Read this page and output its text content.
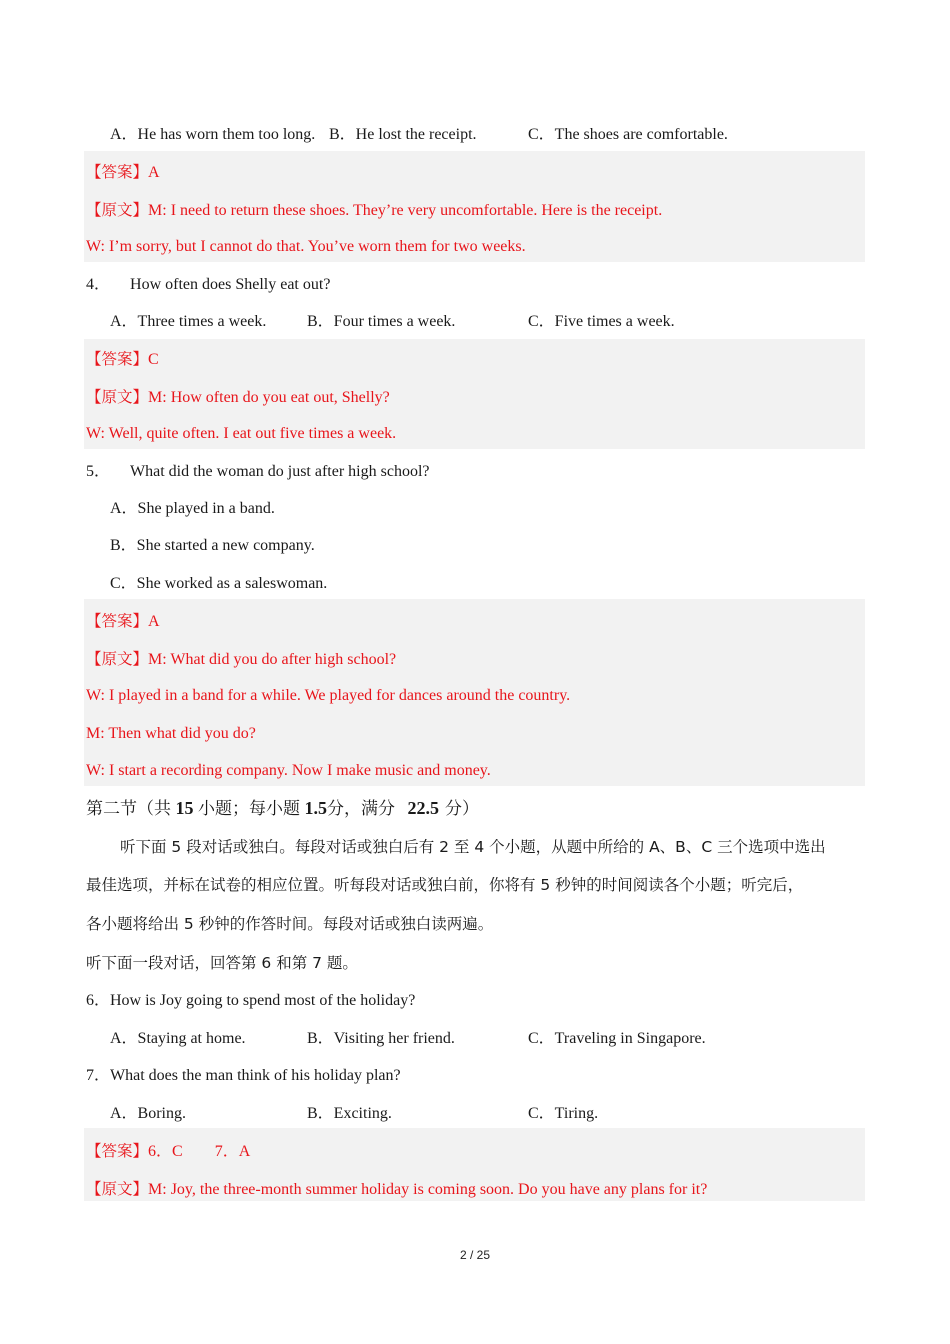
A．He has worn them too long. B．He lost the receipt.	C．The shoes are comfortable.
【答案】A
【原文】M: I need to return these shoes. They’re very uncomfortable. Here is the receipt.
W: I’m sorry, but I cannot do that. You’ve worn them for two weeks.
4． How often does Shelly eat out?
A．Three times a week.	B．Four times a week.	C．Five times a week.
【答案】C
【原文】M: How often do you eat out, Shelly?
W: Well, quite often. I eat out five times a week.
5． What did the woman do just after high school?
A．She played in a band.
B．She started a new company.
C．She worked as a saleswoman.
【答案】A
【原文】M: What did you do after high school?
W: I played in a band for a while. We played for dances around the country.
M: Then what did you do?
W: I start a recording company. Now I make music and money.
第二节（共 15 小题；每小题 1.5分，满分 22.5 分）
听下面 5 段对话或独白。每段对话或独白后有 2 至 4 个小题，从题中所给的 A、B、C 三个选项中选出
最佳选项，并标在试卷的相应位置。听每段对话或独白前，你将有 5 秒钟的时间阅读各个小题；听完后，
各小题将给出 5 秒钟的作答时间。每段对话或独白读两遍。
听下面一段对话，回答第 6 和第 7 题。
6．How is Joy going to spend most of the holiday?
A．Staying at home.	B．Visiting her friend.	C．Traveling in Singapore.
7．What does the man think of his holiday plan?
A．Boring.	B．Exciting.	C．Tiring.
【答案】6．C        7．A
【原文】M: Joy, the three-month summer holiday is coming soon. Do you have any plans for it?
2 / 25
